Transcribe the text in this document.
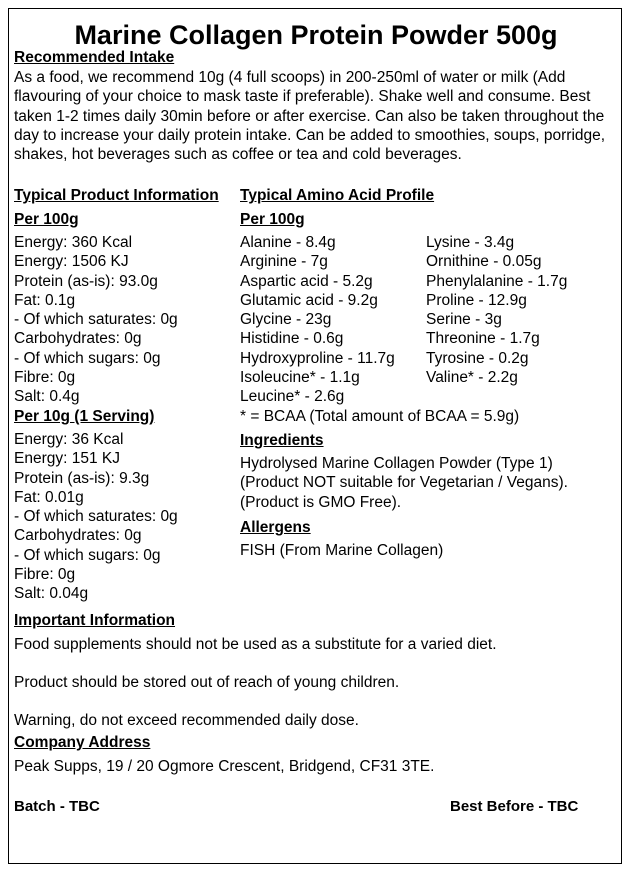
Marine Collagen Protein Powder 500g
Recommended Intake
As a food, we recommend 10g (4 full scoops) in 200-250ml of water or milk (Add flavouring of your choice to mask taste if preferable). Shake well and consume. Best taken 1-2 times daily 30min before or after exercise. Can also be taken throughout the day to increase your daily protein intake. Can be added to smoothies, soups, porridge, shakes, hot beverages such as coffee or tea and cold beverages.
Typical Product Information
Per 100g
Energy: 360 Kcal
Energy: 1506 KJ
Protein (as-is): 93.0g
Fat: 0.1g
- Of which saturates: 0g
Carbohydrates: 0g
- Of which sugars: 0g
Fibre: 0g
Salt: 0.4g
Per 10g (1 Serving)
Energy: 36 Kcal
Energy: 151 KJ
Protein (as-is): 9.3g
Fat: 0.01g
- Of which saturates: 0g
Carbohydrates: 0g
- Of which sugars: 0g
Fibre: 0g
Salt: 0.04g
Typical Amino Acid Profile
Per 100g
Alanine - 8.4g
Arginine - 7g
Aspartic acid - 5.2g
Glutamic acid - 9.2g
Glycine - 23g
Histidine - 0.6g
Hydroxyproline - 11.7g
Isoleucine* - 1.1g
Leucine* - 2.6g
Lysine - 3.4g
Ornithine - 0.05g
Phenylalanine - 1.7g
Proline - 12.9g
Serine - 3g
Threonine - 1.7g
Tyrosine - 0.2g
Valine* - 2.2g
* = BCAA (Total amount of BCAA = 5.9g)
Ingredients
Hydrolysed Marine Collagen Powder (Type 1)
(Product NOT suitable for Vegetarian / Vegans).
(Product is GMO Free).
Allergens
FISH (From Marine Collagen)
Important Information
Food supplements should not be used as a substitute for a varied diet.
Product should be stored out of reach of young children.
Warning, do not exceed recommended daily dose.
Company Address
Peak Supps, 19 / 20 Ogmore Crescent, Bridgend, CF31 3TE.
Batch - TBC	Best Before - TBC
